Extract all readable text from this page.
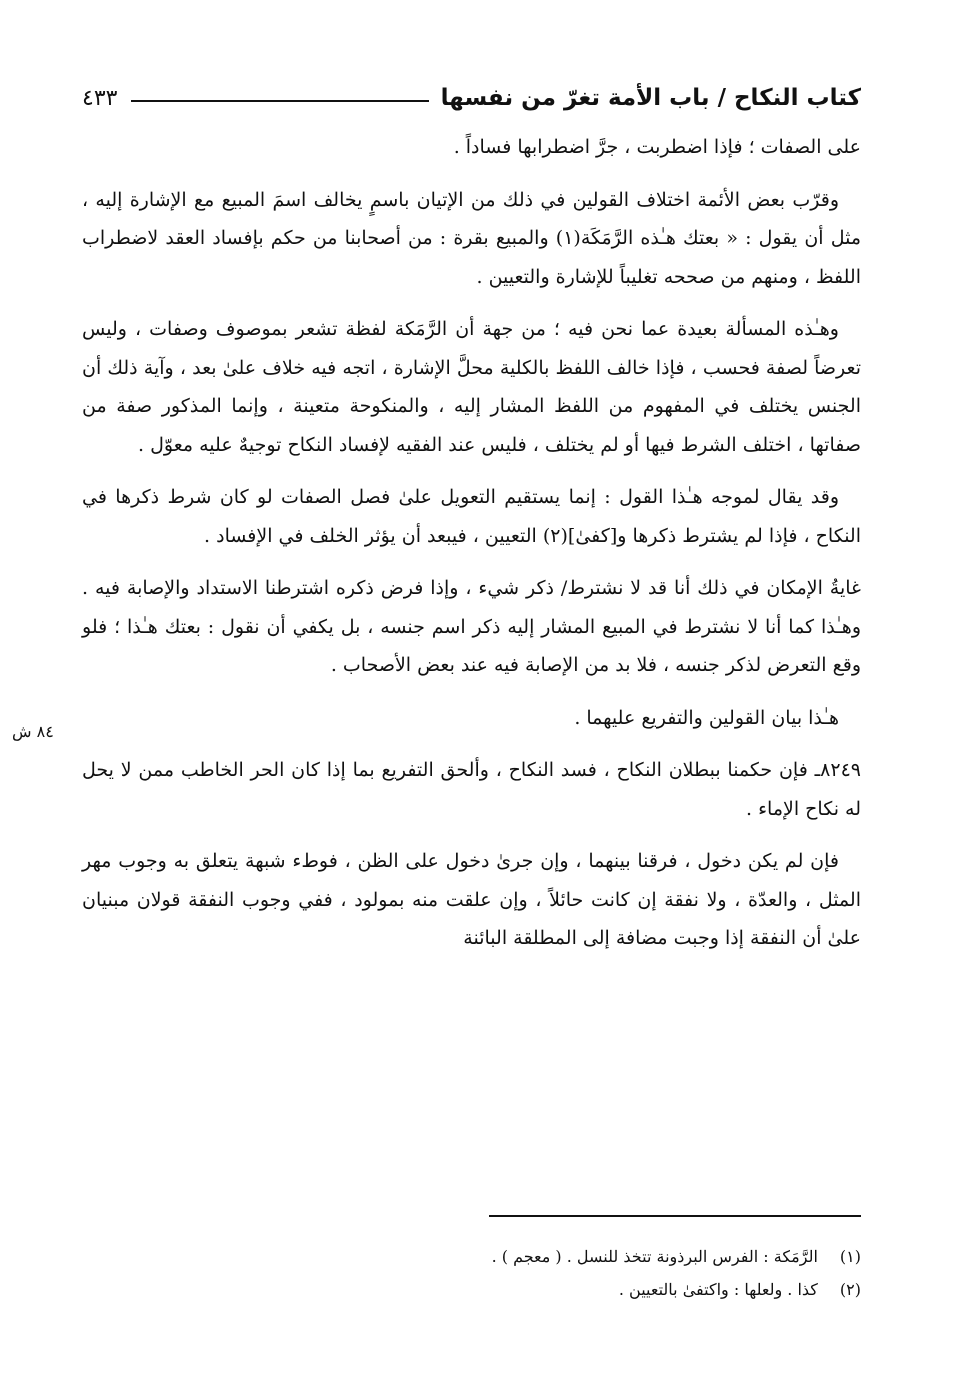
كتاب النكاح / باب الأمة تغرّ من نفسها
٤٣٣
٨٤ ش

على الصفات ؛ فإذا اضطربت ، جرَّ اضطرابها فساداً .

وقرّب بعض الأئمة اختلاف القولين في ذلك من الإتيان باسمٍ يخالف اسمَ المبيع مع الإشارة إليه ، مثل أن يقول : « بعتك هـٰذه الرَّمَكَة(١) والمبيع بقرة : من أصحابنا من حكم بإفساد العقد لاضطراب اللفظ ، ومنهم من صححه تغليباً للإشارة والتعيين .

وهـٰذه المسألة بعيدة عما نحن فيه ؛ من جهة أن الرَّمَكة لفظة تشعر بموصوف وصفات ، وليس تعرضاً لصفة فحسب ، فإذا خالف اللفظ بالكلية محلَّ الإشارة ، اتجه فيه خلاف علىٰ بعد ، وآية ذلك أن الجنس يختلف في المفهوم من اللفظ المشار إليه ، والمنكوحة متعينة ، وإنما المذكور صفة من صفاتها ، اختلف الشرط فيها أو لم يختلف ، فليس عند الفقيه لإفساد النكاح توجيهٌ عليه معوّل .

وقد يقال لموجه هـٰذا القول : إنما يستقيم التعويل علىٰ فصل الصفات لو كان شرط ذكرها في النكاح ، فإذا لم يشترط ذكرها و[كفىٰ](٢) التعيين ، فيبعد أن يؤثر الخلف في الإفساد .

غايةُ الإمكان في ذلك أنا قد لا نشترط/ ذكر شيء ، وإذا فرض ذكره اشترطنا الاستداد والإصابة فيه . وهـٰذا كما أنا لا نشترط في المبيع المشار إليه ذكر اسم جنسه ، بل يكفي أن نقول : بعتك هـٰذا ؛ فلو وقع التعرض لذكر جنسه ، فلا بد من الإصابة فيه عند بعض الأصحاب .

هـٰذا بيان القولين والتفريع عليهما .

٨٢٤٩ـ فإن حكمنا ببطلان النكاح ، فسد النكاح ، وألحق التفريع بما إذا كان الحر الخاطب ممن لا يحل له نكاح الإماء .

فإن لم يكن دخول ، فرقنا بينهما ، وإن جرىٰ دخول على الظن ، فوطء شبهة يتعلق به وجوب مهر المثل ، والعدّة ، ولا نفقة إن كانت حائلاً ، وإن علقت منه بمولود ، ففي وجوب النفقة قولان مبنيان علىٰ أن النفقة إذا وجبت مضافة إلى المطلقة البائنة

(١) الرَّمَكة : الفرس البرذونة تتخذ للنسل . ( معجم ) .

(٢) كذا . ولعلها : واكتفىٰ بالتعيين .
